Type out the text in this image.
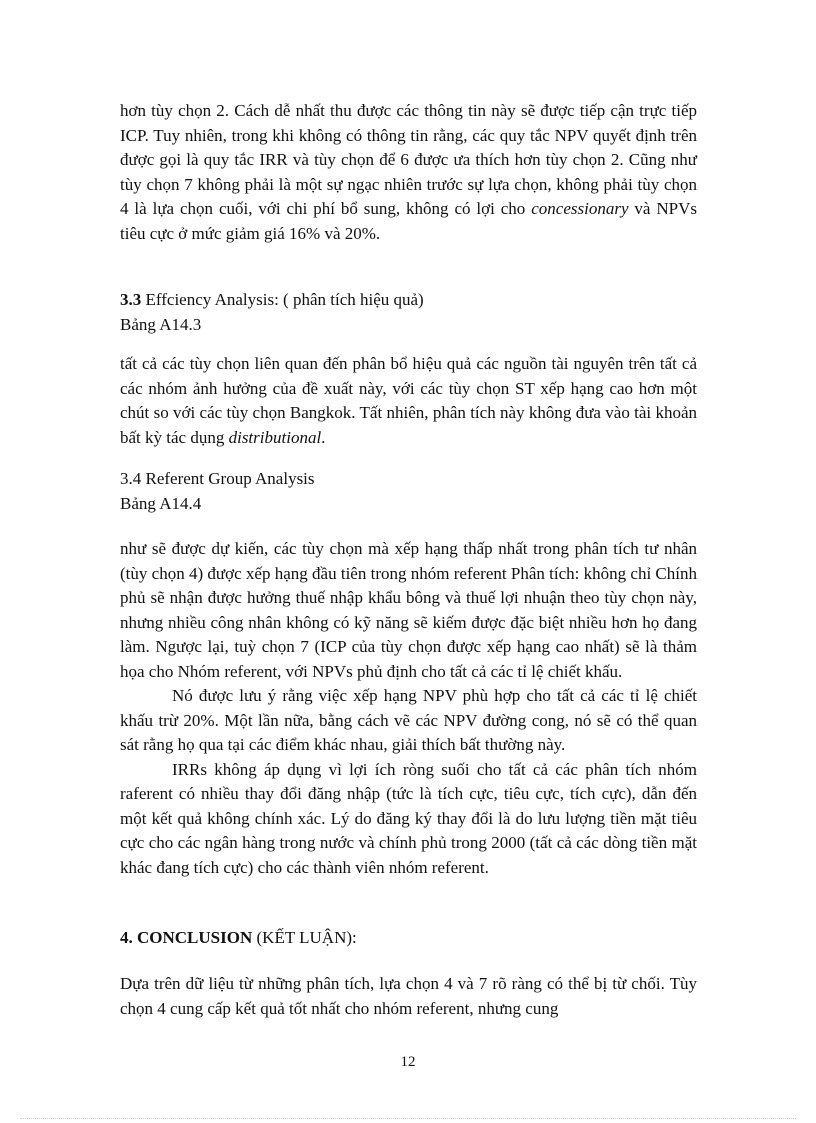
hơn tùy chọn 2. Cách dễ nhất thu được các thông tin này sẽ được tiếp cận trực tiếp ICP. Tuy nhiên, trong khi không có thông tin rằng, các quy tắc NPV quyết định trên được gọi là quy tắc IRR và tùy chọn để 6 được ưa thích hơn tùy chọn 2. Cũng như tùy chọn 7 không phải là một sự ngạc nhiên trước sự lựa chọn, không phải tùy chọn 4 là lựa chọn cuối, với chi phí bổ sung, không có lợi cho concessionary và NPVs tiêu cực ở mức giảm giá 16% và 20%.

3.3 Effciency Analysis: ( phân tích hiệu quả)
Bảng A14.3

tất cả các tùy chọn liên quan đến phân bổ hiệu quả các nguồn tài nguyên trên tất cả các nhóm ảnh hưởng của đề xuất này, với các tùy chọn ST xếp hạng cao hơn một chút so với các tùy chọn Bangkok. Tất nhiên, phân tích này không đưa vào tài khoản bất kỳ tác dụng distributional.

3.4 Referent Group Analysis
Bảng A14.4

như sẽ được dự kiến, các tùy chọn mà xếp hạng thấp nhất trong phân tích tư nhân (tùy chọn 4) được xếp hạng đầu tiên trong nhóm referent Phân tích: không chỉ Chính phủ sẽ nhận được hưởng thuế nhập khẩu bông và thuế lợi nhuận theo tùy chọn này, nhưng nhiều công nhân không có kỹ năng sẽ kiếm được đặc biệt nhiều hơn họ đang làm. Ngược lại, tuỳ chọn 7 (ICP của tùy chọn được xếp hạng cao nhất) sẽ là thảm họa cho Nhóm referent, với NPVs phủ định cho tất cả các tỉ lệ chiết khấu.

Nó được lưu ý rằng việc xếp hạng NPV phù hợp cho tất cả các tỉ lệ chiết khấu trừ 20%. Một lần nữa, bằng cách vẽ các NPV đường cong, nó sẽ có thể quan sát rằng họ qua tại các điểm khác nhau, giải thích bất thường này.

IRRs không áp dụng vì lợi ích ròng suối cho tất cả các phân tích nhóm raferent có nhiều thay đổi đăng nhập (tức là tích cực, tiêu cực, tích cực), dẫn đến một kết quả không chính xác. Lý do đăng ký thay đổi là do lưu lượng tiền mặt tiêu cực cho các ngân hàng trong nước và chính phủ trong 2000 (tất cả các dòng tiền mặt khác đang tích cực) cho các thành viên nhóm referent.

4. CONCLUSION (KẾT LUẬN):

Dựa trên dữ liệu từ những phân tích, lựa chọn 4 và 7 rõ ràng có thể bị từ chối. Tùy chọn 4 cung cấp kết quả tốt nhất cho nhóm referent, nhưng cung

12
